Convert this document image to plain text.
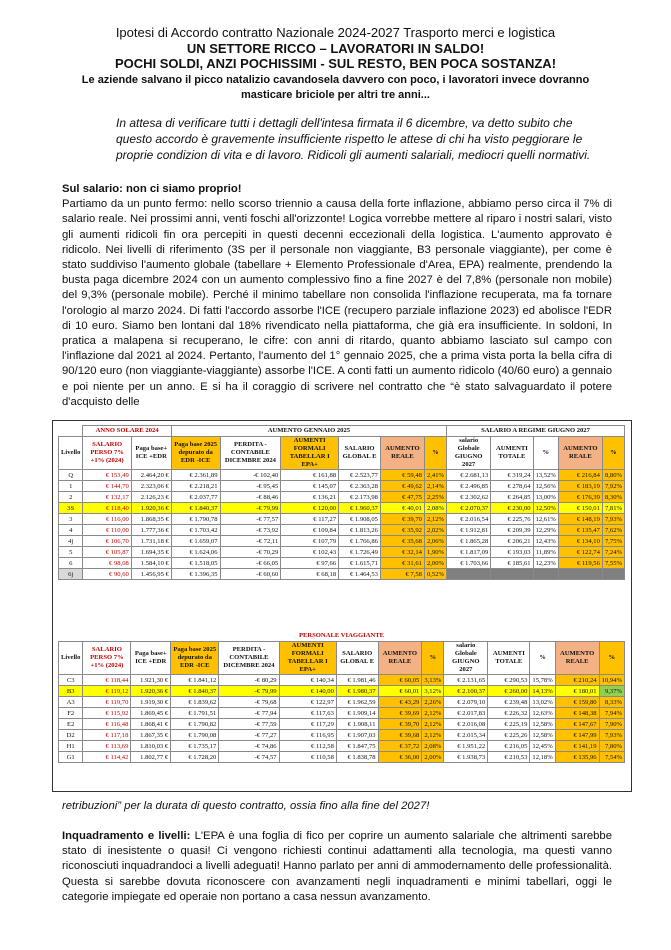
Ipotesi di Accordo contratto Nazionale 2024-2027 Trasporto merci e logistica
UN SETTORE RICCO – LAVORATORI IN SALDO!
POCHI SOLDI, ANZI POCHISSIMI - SUL RESTO, BEN POCA SOSTANZA!
Le aziende salvano il picco natalizio cavandosela davvero con poco, i lavoratori invece dovranno masticare briciole per altri tre anni...
In attesa di verificare tutti i dettagli dell'intesa firmata il 6 dicembre, va detto subito che questo accordo è gravemente insufficiente rispetto le attese di chi ha visto peggiorare le proprie condizion di vita e di lavoro. Ridicoli gli aumenti salariali, mediocri quelli normativi.
Sul salario: non ci siamo proprio!
Partiamo da un punto fermo: nello scorso triennio a causa della forte inflazione, abbiamo perso circa il 7% di salario reale. Nei prossimi anni, venti foschi all'orizzonte! Logica vorrebbe mettere al riparo i nostri salari, visto gli aumenti ridicoli fin ora percepiti in questi decenni eccezionali della logistica. L'aumento approvato è ridicolo. Nei livelli di riferimento (3S per il personale non viaggiante, B3 personale viaggiante), per come è stato suddiviso l'aumento globale (tabellare + Elemento Professionale d'Area, EPA) realmente, prendendo la busta paga dicembre 2024 con un aumento complessivo fino a fine 2027 è del 7,8% (personale non mobile) del 9,3% (personale mobile). Perché il minimo tabellare non consolida l'inflazione recuperata, ma fa tornare l'orologio al marzo 2024. Di fatti l'accordo assorbe l'ICE (recupero parziale inflazione 2023) ed abolisce l'EDR di 10 euro. Siamo ben lontani dal 18% rivendicato nella piattaforma, che già era insufficiente. In soldoni, In pratica a malapena si recuperano, le cifre: con anni di ritardo, quanto abbiamo lasciato sul campo con l'inflazione dal 2021 al 2024. Pertanto, l'aumento del 1° gennaio 2025, che a prima vista porta la bella cifra di 90/120 euro (non viaggiante-viaggiante) assorbe l'ICE. A conti fatti un aumento ridicolo (40/60 euro) a gennaio e poi niente per un anno. E si ha il coraggio di scrivere nel contratto che “è stato salvaguardato il potere d'acquisto delle
	ANNO SOLARE 2024		AUMENTO GENNAIO 2025						SALARIO A REGIME GIUGNO 2027				
Livello	SALARIO PERSO 7% +1% (2024)	Paga base+ ICE +EDR	Paga base 2025 depurato da EDR -ICE	PERDITA - CONTABILE DICEMBRE 2024	AUMENTI FORMALI TABELLAR I EPA+	SALARIO GLOBAL E	AUMENTO REALE	%	salario Globale GIUGNO 2027	AUMENTI TOTALE	%	AUMENTO REALE	%
Q	€ 153,49	2.464,20 €	€ 2.361,89	-€ 102,40	€ 161,88	€ 2.523,77	€ 59,48	2,41%	€ 2.681,13	€ 319,24	13,52%	€ 216,84	8,80%
1	€ 144,70	2.323,06 €	€ 2.218,21	-€ 95,45	€ 145,07	€ 2.363,28	€ 49,62	2,14%	€ 2.496,85	€ 278,64	12,56%	€ 183,19	7,92%
2	€ 132,17	2.126,23 €	€ 2.037,77	-€ 88,46	€ 136,21	€ 2.173,98	€ 47,75	2,25%	€ 2.302,62	€ 264,85	13,00%	€ 176,39	8,30%
3S	€ 118,40	1.920,36 €	€ 1.840,37	-€ 79,99	€ 120,00	€ 1.960,37	€ 40,01	2,08%	€ 2.070,37	€ 230,00	12,50%	€ 150,01	7,81%
3	€ 116,00	1.868,35 €	€ 1.790,78	-€ 77,57	€ 117,27	€ 1.908,05	€ 39,70	2,12%	€ 2.016,54	€ 225,76	12,61%	€ 148,19	7,93%
4	€ 110,00	1.777,36 €	€ 1.703,42	-€ 73,92	€ 109,84	€ 1.813,26	€ 35,92	2,02%	€ 1.912,81	€ 209,39	12,29%	€ 135,47	7,62%
4j	€ 106,70	1.731,18 €	€ 1.659,07	-€ 72,11	€ 107,79	€ 1.766,86	€ 35,68	2,06%	€ 1.865,28	€ 206,21	12,43%	€ 134,10	7,75%
5	€ 105,87	1.694,35 €	€ 1.624,06	-€ 70,29	€ 102,43	€ 1.726,49	€ 32,14	1,90%	€ 1.817,09	€ 193,03	11,89%	€ 122,74	7,24%
6	€ 98,08	1.584,10 €	€ 1.518,05	-€ 66,05	€ 97,66	€ 1.615,71	€ 31,61	2,00%	€ 1.703,66	€ 185,61	12,23%	€ 119,56	7,55%
6j	€ 90,60	1.456,95 €	€ 1.396,35	-€ 60,60	€ 68,18	€ 1.464,53	€ 7,58	0,52%					
PERSONALE VIAGGIANTE													
Livello	SALARIO PERSO 7% +1% (2024)	Paga base+ ICE +EDR	Paga base 2025 depurato da EDR -ICE	PERDITA - CONTABILE DICEMBRE 2024	AUMENTI FORMALI TABELLAR I EPA+	SALARIO GLOBAL E	AUMENTO REALE	%	salario Globale GIUGNO 2027	AUMENTI TOTALE	%	AUMENTO REALE	%
C3	€ 118,44	1.921,30 €	€ 1.841,12	-€ 80,29	€ 140,34	€ 1.981,46	€ 60,05	3,13%	€ 2.131,65	€ 290,53	15,78%	€ 210,24	10,94%
B3	€ 119,12	1.920,36 €	€ 1.840,37	-€ 79,99	€ 140,00	€ 1.980,37	€ 60,01	3,12%	€ 2.100,37	€ 260,00	14,13%	€ 180,01	9,37%
A3	€ 119,70	1.919,30 €	€ 1.839,62	-€ 79,68	€ 122,97	€ 1.962,59	€ 43,29	2,26%	€ 2.079,10	€ 239,48	13,02%	€ 159,80	8,33%
F2	€ 115,92	1.869,45 €	€ 1.791,51	-€ 77,94	€ 117,63	€ 1.909,14	€ 39,69	2,12%	€ 2.017,83	€ 226,32	12,63%	€ 148,38	7,94%
E2	€ 116,48	1.868,41 €	€ 1.790,82	-€ 77,59	€ 117,29	€ 1.908,11	€ 39,70	2,12%	€ 2.016,08	€ 225,19	12,58%	€ 147,67	7,90%
D2	€ 117,18	1.867,35 €	€ 1.790,08	-€ 77,27	€ 116,95	€ 1.907,03	€ 39,68	2,12%	€ 2.015,34	€ 225,26	12,58%	€ 147,99	7,93%
H1	€ 113,69	1.810,03 €	€ 1.735,17	-€ 74,86	€ 112,58	€ 1.847,75	€ 37,72	2,08%	€ 1.951,22	€ 216,05	12,45%	€ 141,19	7,80%
G1	€ 114,42	1.802,77 €	€ 1.728,20	-€ 74,57	€ 110,58	€ 1.838,78	€ 36,00	2,00%	€ 1.938,73	€ 210,53	12,18%	€ 135,96	7,54%
retribuzioni” per la durata di questo contratto, ossia fino alla fine del 2027!
Inquadramento e livelli: L'EPA è una foglia di fico per coprire un aumento salariale che altrimenti sarebbe stato di inesistente o quasi! Ci vengono richiesti continui adattamenti alla tecnologia, ma questi vanno riconosciuti inquadrandoci a livelli adeguati! Hanno parlato per anni di ammodernamento delle professionalità. Questa si sarebbe dovuta riconoscere con avanzamenti negli inquadramenti e minimi tabellari, oggi le categorie impiegate ed operaie non portano a casa nessun avanzamento.
